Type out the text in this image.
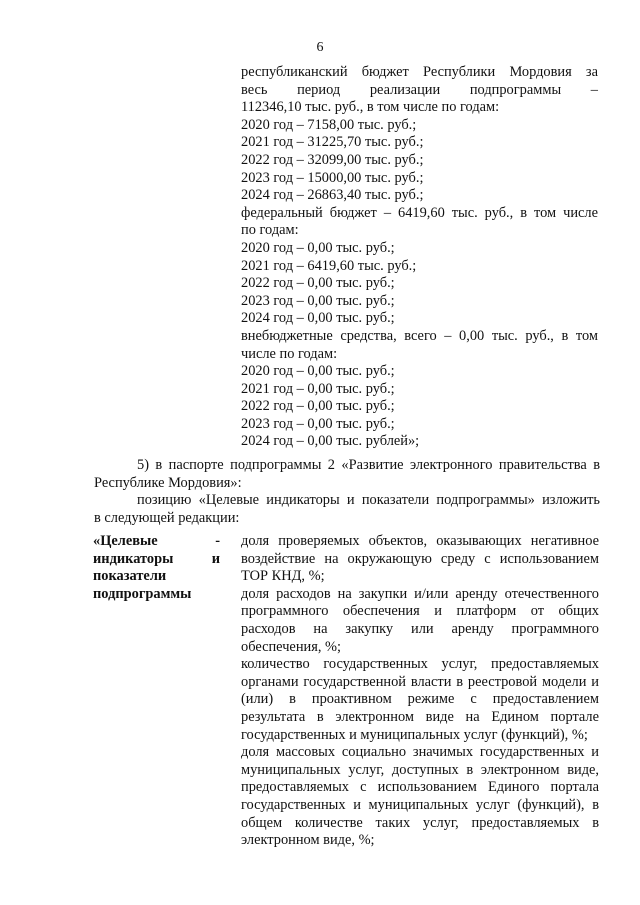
6
республиканский бюджет Республики Мордовия за
весь период реализации подпрограммы –
112346,10 тыс. руб., в том числе по годам:
2020 год – 7158,00 тыс. руб.;
2021 год – 31225,70 тыс. руб.;
2022 год – 32099,00 тыс. руб.;
2023 год – 15000,00 тыс. руб.;
2024 год – 26863,40 тыс. руб.;
федеральный бюджет – 6419,60 тыс. руб., в том числе
по годам:
2020 год – 0,00 тыс. руб.;
2021 год – 6419,60 тыс. руб.;
2022 год – 0,00 тыс. руб.;
2023 год – 0,00 тыс. руб.;
2024 год – 0,00 тыс. руб.;
внебюджетные средства, всего – 0,00 тыс. руб., в том
числе по годам:
2020 год – 0,00 тыс. руб.;
2021 год – 0,00 тыс. руб.;
2022 год – 0,00 тыс. руб.;
2023 год – 0,00 тыс. руб.;
2024 год – 0,00 тыс. рублей»;
5) в паспорте подпрограммы 2 «Развитие электронного правительства в Республике Мордовия»:
позицию «Целевые индикаторы и показатели подпрограммы» изложить
в следующей редакции:
«Целевые -
индикаторы и
показатели
подпрограммы

доля проверяемых объектов, оказывающих негативное воздействие на окружающую среду с использованием ТОР КНД, %;

доля расходов на закупки и/или аренду отечественного программного обеспечения и платформ от общих расходов на закупку или аренду программного обеспечения, %;

количество государственных услуг, предоставляемых органами государственной власти в реестровой модели и (или) в проактивном режиме с предоставлением результата в электронном виде на Едином портале государственных и муниципальных услуг (функций), %;

доля массовых социально значимых государственных и муниципальных услуг, доступных в электронном виде, предоставляемых с использованием Единого портала государственных и муниципальных услуг (функций), в общем количестве таких услуг, предоставляемых в электронном виде, %;
